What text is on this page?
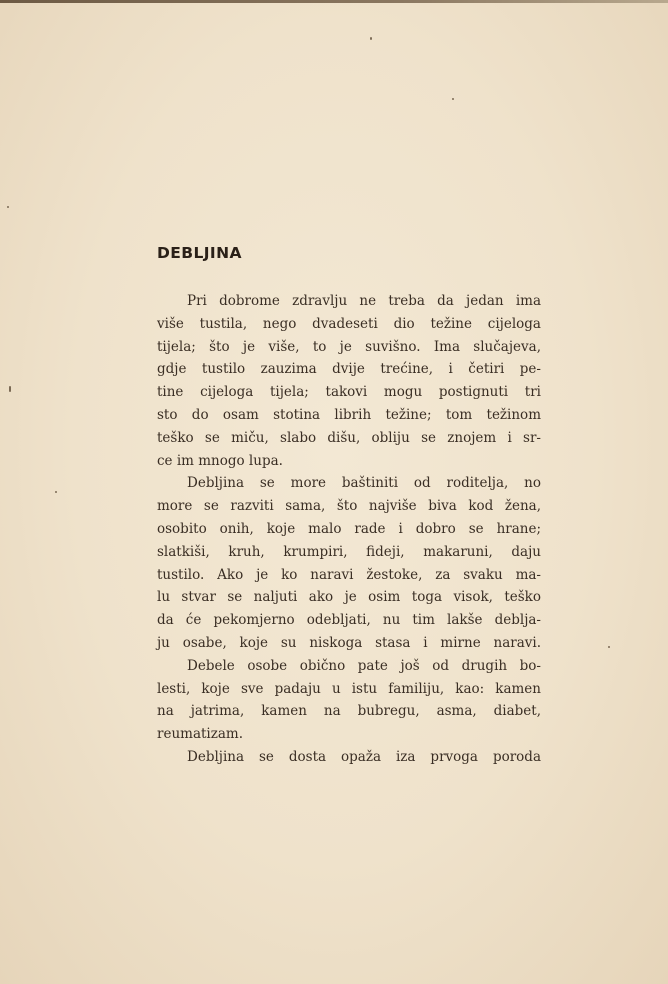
DEBLJINA

Pri dobrome zdravlju ne treba da jedan ima
više tustila, nego dvadeseti dio težine cijeloga
tijela; što je više, to je suvišno. Ima slučajeva,
gdje tustilo zauzima dvije trećine, i četiri pe-
tine cijeloga tijela; takovi mogu postignuti tri
sto do osam stotina librih težine; tom težinom
teško se miču, slabo dišu, obliju se znojem i sr-
ce im mnogo lupa.

Debljina se more baštiniti od roditelja, no
more se razviti sama, što najviše biva kod žena,
osobito onih, koje malo rade i dobro se hrane;
slatkiši, kruh, krumpiri, fideji, makaruni, daju
tustilo. Ako je ko naravi žestoke, za svaku ma-
lu stvar se naljuti ako je osim toga visok, teško
da će pekomjerno odebljati, nu tim lakše deblja-
ju osabe, koje su niskoga stasa i mirne naravi.

Debele osobe obično pate još od drugih bo-
lesti, koje sve padaju u istu familiju, kao: kamen
na jatrima, kamen na bubregu, asma, diabet,
reumatizam.

Debljina se dosta opaža iza prvoga poroda
